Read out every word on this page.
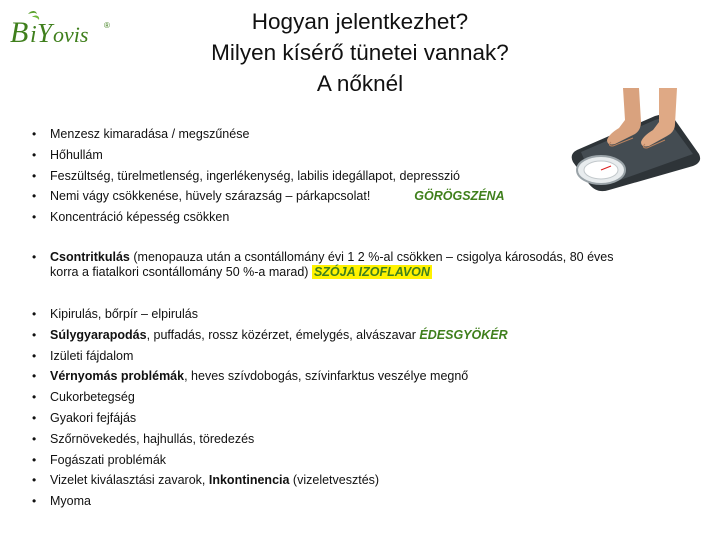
B i Y ovis ®	Hogyan jelentkezhet?
Milyen kísérő tünetei vannak?
A nőknél
• Menzesz kimaradása / megszűnése
• Hőhullám
• Feszültség, türelmetlenség, ingerlékenység, labilis idegállapot, depresszió
• Nemi vágy csökkenése, hüvely szárazság – párkapcsolat!	GÖRÖGSZÉNA
• Koncentráció képesség csökken
• Csontritkulás (menopauza után a csontállomány évi 1 2 %-al csökken – csigolya károsodás, 80 éves
korra a fiatalkori csontállomány 50 %-a marad) SZÓJA IZOFLAVON
• Kipirulás, bőrpír – elpirulás
• Súlygyarapodás, puffadás, rossz közérzet, émelygés, alvászavar ÉDESGYÖKÉR
• Izületi fájdalom
• Vérnyomás problémák, heves szívdobogás, szívinfarktus veszélye megnő
• Cukorbetegség
• Gyakori fejfájás
• Szőrnövekedés, hajhullás, töredezés
• Fogászati problémák
• Vizelet kiválasztási zavarok, Inkontinencia (vizeletvesztés)
• Myoma
